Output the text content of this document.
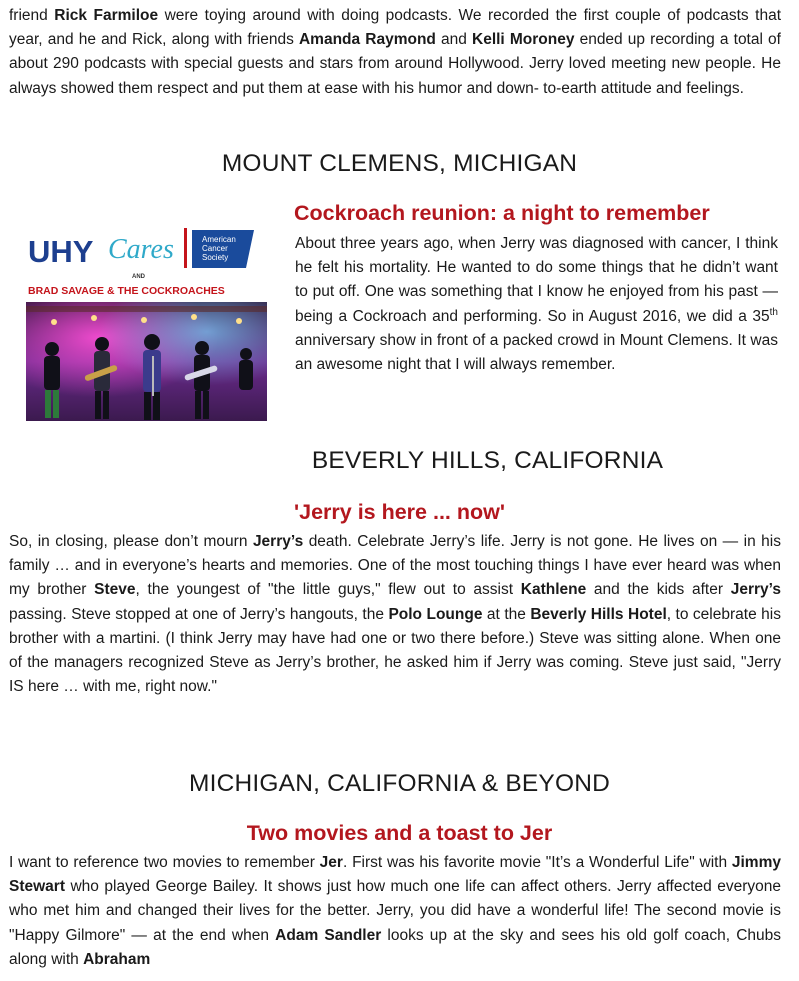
friend Rick Farmiloe were toying around with doing podcasts. We recorded the first couple of podcasts that year, and he and Rick, along with friends Amanda Raymond and Kelli Moroney ended up recording a total of about 290 podcasts with special guests and stars from around Hollywood. Jerry loved meeting new people. He always showed them respect and put them at ease with his humor and down- to-earth attitude and feelings.

MOUNT CLEMENS, MICHIGAN
UHY Cares	American
Cancer
Society
AND
BRAD SAVAGE & THE COCKROACHES
Cockroach reunion: a night to remember

About three years ago, when Jerry was diagnosed with cancer, I think he felt his mortality. He wanted to do some things that he didn’t want to put off. One was something that I know he enjoyed from his past — being a Cockroach and performing. So in August 2016, we did a 35th anniversary show in front of a packed crowd in Mount Clemens. It was an awesome night that I will always remember.

BEVERLY HILLS, CALIFORNIA
'Jerry is here ... now'

So, in closing, please don’t mourn Jerry’s death. Celebrate Jerry’s life. Jerry is not gone. He lives on — in his family … and in everyone’s hearts and memories. One of the most touching things I have ever heard was when my brother Steve, the youngest of "the little guys," flew out to assist Kathlene and the kids after Jerry’s passing. Steve stopped at one of Jerry’s hangouts, the Polo Lounge at the Beverly Hills Hotel, to celebrate his brother with a martini. (I think Jerry may have had one or two there before.) Steve was sitting alone. When one of the managers recognized Steve as Jerry’s brother, he asked him if Jerry was coming. Steve just said, "Jerry IS here … with me, right now."

MICHIGAN, CALIFORNIA & BEYOND
Two movies and a toast to Jer

I want to reference two movies to remember Jer. First was his favorite movie "It’s a Wonderful Life" with Jimmy Stewart who played George Bailey. It shows just how much one life can affect others. Jerry affected everyone who met him and changed their lives for the better. Jerry, you did have a wonderful life! The second movie is "Happy Gilmore" — at the end when Adam Sandler looks up at the sky and sees his old golf coach, Chubs along with Abraham
